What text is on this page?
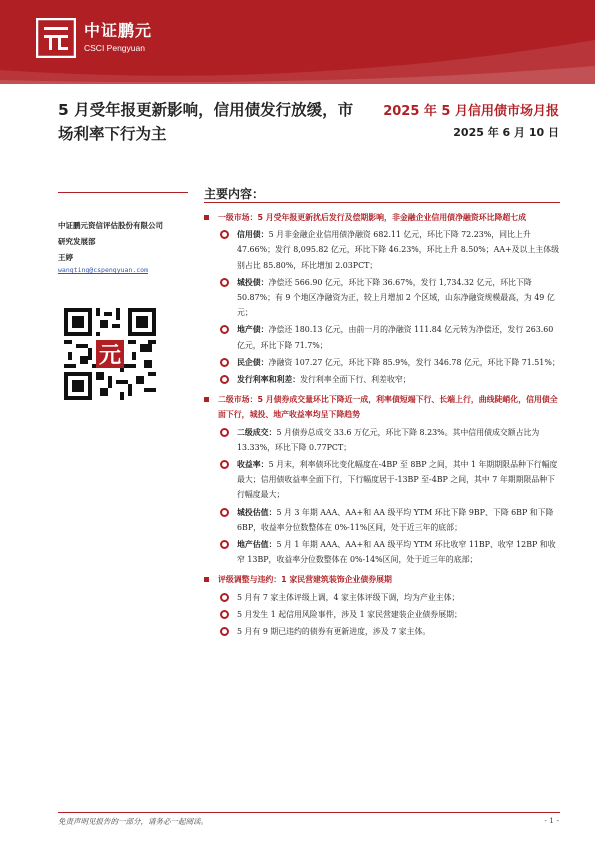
中证鹏元
CSCI Pengyuan
5 月受年报更新影响，信用债发行放缓，市场利率下行为主
2025 年 5 月信用债市场月报
2025 年 6 月 10 日
中证鹏元资信评估股份有限公司
研究发展部
王婷
wangting@cspengyuan.com
元
主要内容：
一级市场：5 月受年报更新扰后发行及偿期影响，非金融企业信用债净融资环比降超七成
信用债：5 月非金融企业信用债净融资 682.11 亿元，环比下降 72.23%，同比上升 47.66%；发行 8,095.82 亿元，环比下降 46.23%，环比上升 8.50%；AA+及以上主体级别占比 85.80%，环比增加 2.03PCT；
城投债：净偿还 566.90 亿元，环比下降 36.67%，发行 1,734.32 亿元，环比下降 50.87%；有 9 个地区净融资为正，较上月增加 2 个区域，山东净融资规模最高，为 49 亿元；
地产债：净偿还 180.13 亿元，由前一月的净融资 111.84 亿元转为净偿还，发行 263.60 亿元，环比下降 71.7%；
民企债：净融资 107.27 亿元，环比下降 85.9%，发行 346.78 亿元，环比下降 71.51%；
发行利率和利差：发行利率全面下行、利差收窄；
二级市场：5 月债券成交量环比下降近一成，利率债短端下行、长端上行，曲线陡峭化，信用债全面下行，城投、地产收益率均呈下降趋势
二级成交：5 月债券总成交 33.6 万亿元，环比下降 8.23%。其中信用债成交额占比为 13.33%，环比下降 0.77PCT；
收益率：5 月末，利率债环比变化幅度在-4BP 至 8BP 之间，其中 1 年期期限品种下行幅度最大；信用债收益率全面下行，下行幅度居于-13BP 至-4BP 之间，其中 7 年期期限品种下行幅度最大；
城投估值：5 月 3 年期 AAA、AA+和 AA 级平均 YTM 环比下降 9BP、下降 6BP 和下降 6BP，收益率分位数整体在 0%-11%区间，处于近三年的底部；
地产估值：5 月 1 年期 AAA、AA+和 AA 级平均 YTM 环比收窄 11BP、收窄 12BP 和收窄 13BP，收益率分位数整体在 0%-14%区间，处于近三年的底部；
评级调整与违约：1 家民营建筑装饰企业债券展期
5 月有 7 家主体评级上调，4 家主体评级下调，均为产业主体；
5 月发生 1 起信用风险事件，涉及 1 家民营建装企业债券展期；
5 月有 9 期已违约的债券有更新进度，涉及 7 家主体。
免责声明见报告的一部分，请务必一起阅读。	- 1 -
